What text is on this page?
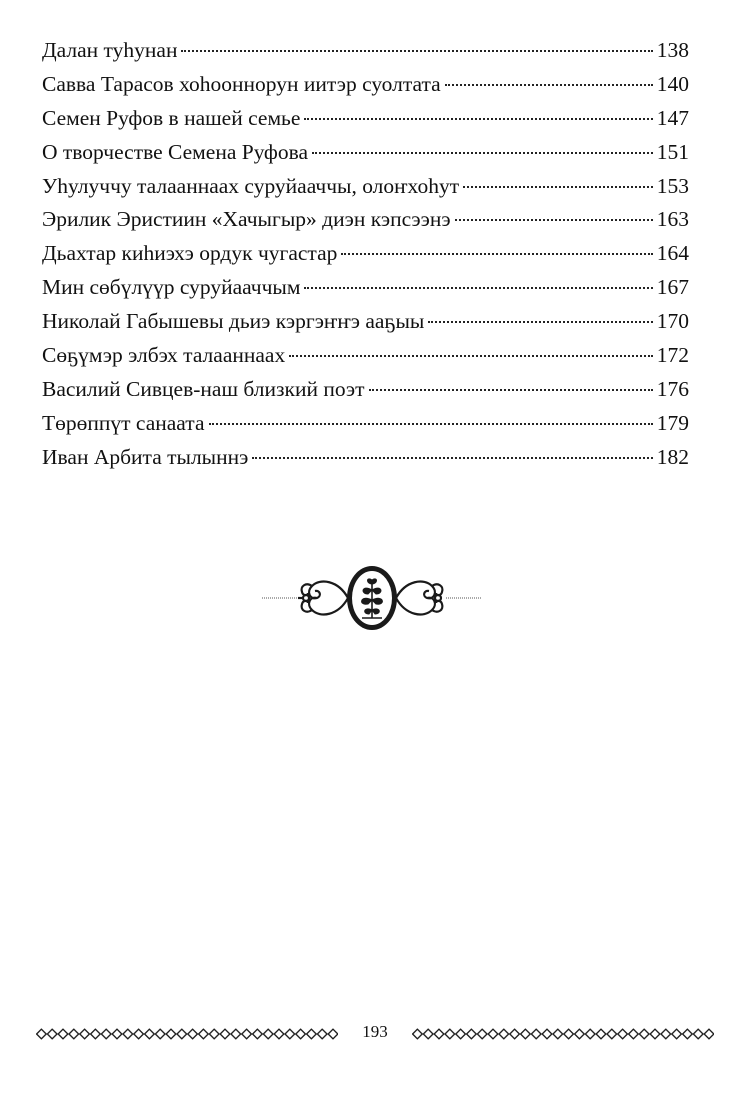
Далан туһунан	138
Савва Тарасов хоһооннорун иитэр суолтата	140
Семен Руфов в нашей семье	147
О творчестве Семена Руфова	151
Уһулуччу талааннаах суруйааччы, олоҥхоһут	153
Эрилик Эристиин «Хачыгыр» диэн кэпсээнэ	163
Дьахтар киһиэхэ ордук чугастар	164
Мин сөбүлүүр суруйааччым	167
Николай Габышевы дьиэ кэргэҥҥэ ааҕыы	170
Сөҕүмэр элбэх талааннаах	172
Василий Сивцев-наш близкий поэт	176
Төрөппүт санаата	179
Иван Арбита тылыннэ	182
193
